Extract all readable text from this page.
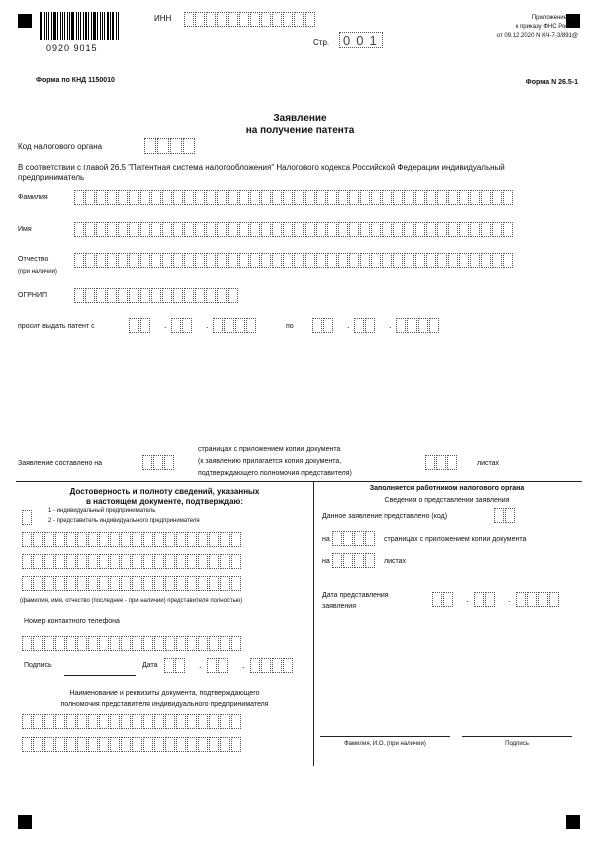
0920 9015
ИНН
Стр. 001
Приложение N 1
к приказу ФНС России
от 09.12.2020 N КЧ-7-3/891@
Форма по КНД 1150010	Форма N 26.5-1
Заявление
на получение патента
Код налогового органа
В соответствии с главой 26.5 "Патентная система налогообложения" Налогового кодекса Российской Федерации индивидуальный
предприниматель
Фамилия
Имя
Отчество
(при наличии)
ОГРНИП
просит выдать патент с	.	.	по	.	.
Заявление составлено на
страницах с приложением копии документа
(к заявлению прилагается копия документа,
подтверждающего полномочия представителя)
листах
Достоверность и полноту сведений, указанных
в настоящем документе, подтверждаю:
1 - индивидуальный предприниматель
2 - представитель индивидуального предпринимателя
(фамилия, имя, отчество (последнее - при наличии) представителя полностью)
Номер контактного телефона
Подпись	Дата	.	.
Наименование и реквизиты документа, подтверждающего
полномочия представителя индивидуального предпринимателя
Заполняется работником налогового органа
Сведения о представлении заявления
Данное заявление представлено (код)
на	страницах с приложением копии документа
на	листах
Дата представления
заявления
.	.
Фамилия, И.О. (при наличии)	Подпись
